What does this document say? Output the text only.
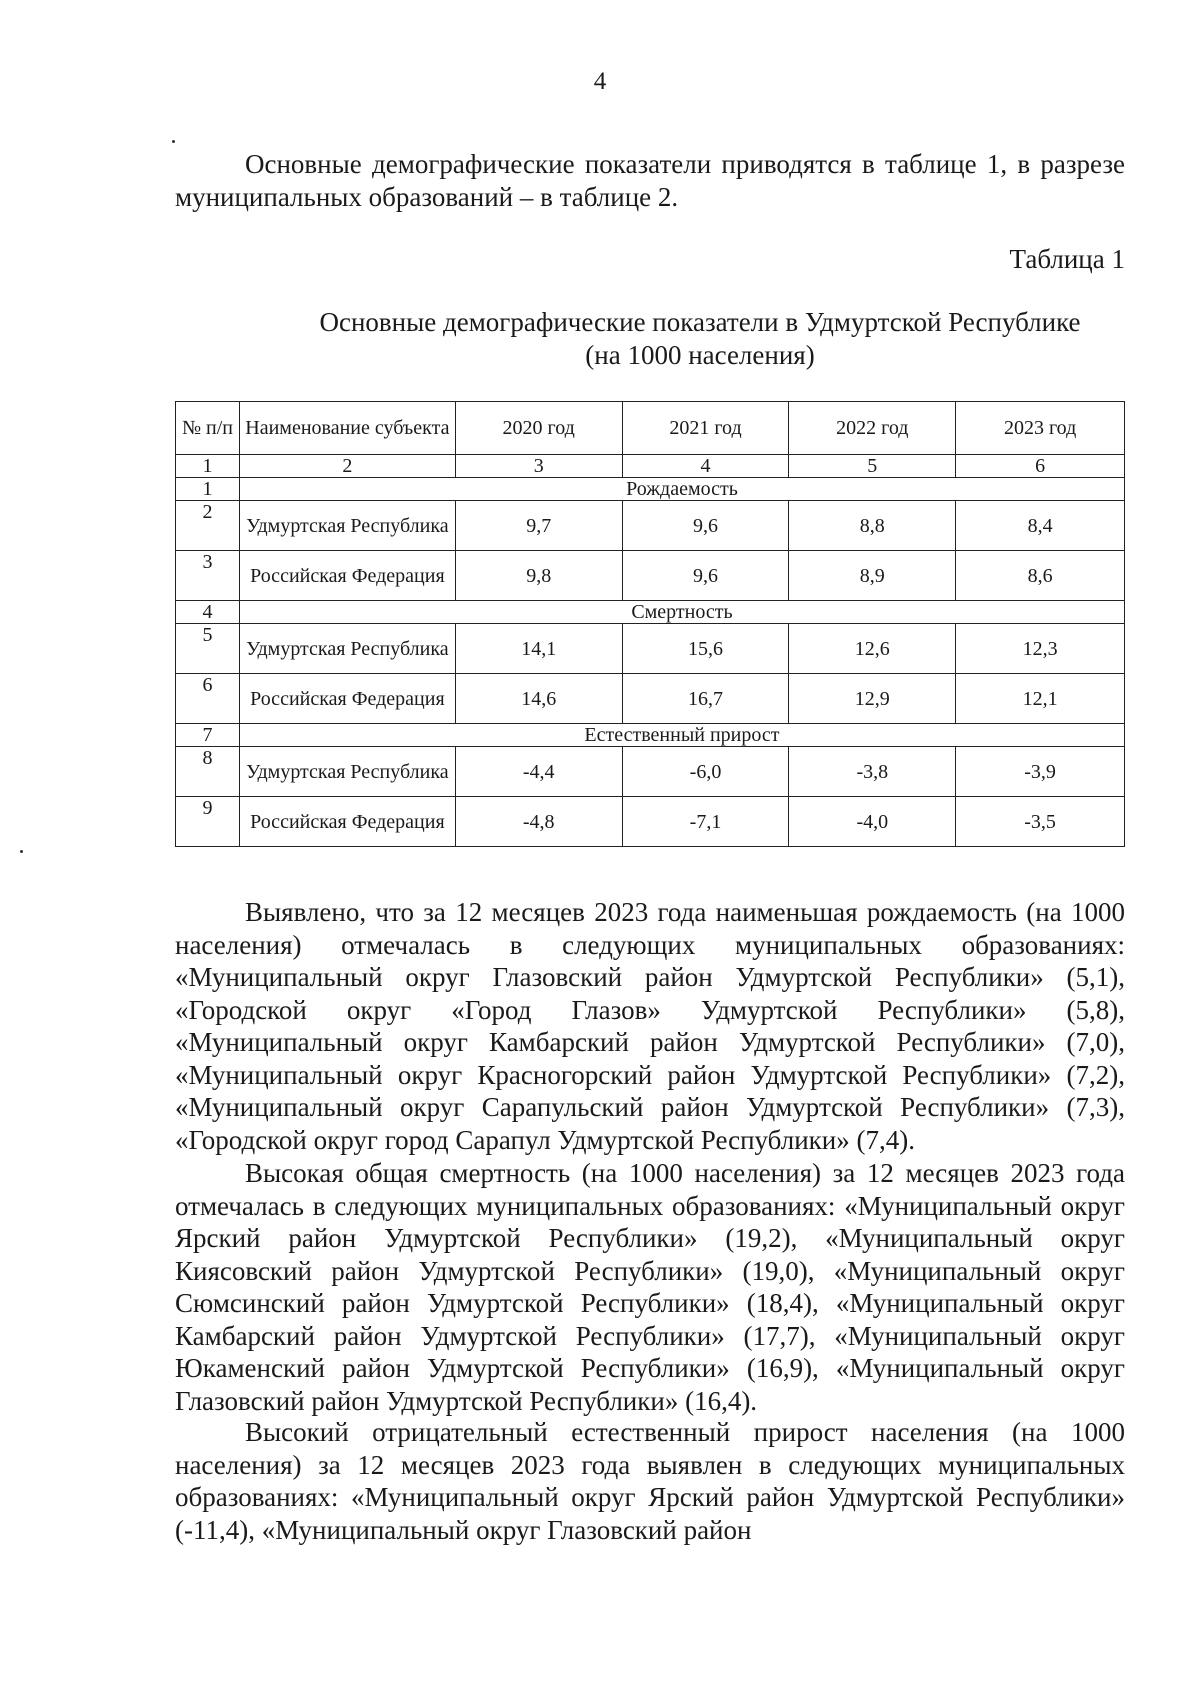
4

Основные демографические показатели приводятся в таблице 1, в разрезе муниципальных образований – в таблице 2.

Таблица 1
Основные демографические показатели в Удмуртской Республике
(на 1000 населения)
№ п/п	Наименование субъекта	2020 год	2021 год	2022 год	2023 год
1	2	3	4	5	6
1	Рождаемость				
2	Удмуртская Республика	9,7	9,6	8,8	8,4
3	Российская Федерация	9,8	9,6	8,9	8,6
4	Смертность				
5	Удмуртская Республика	14,1	15,6	12,6	12,3
6	Российская Федерация	14,6	16,7	12,9	12,1
7	Естественный прирост				
8	Удмуртская Республика	-4,4	-6,0	-3,8	-3,9
9	Российская Федерация	-4,8	-7,1	-4,0	-3,5

Выявлено, что за 12 месяцев 2023 года наименьшая рождаемость (на 1000 населения) отмечалась в следующих муниципальных образованиях: «Муниципальный округ Глазовский район Удмуртской Республики» (5,1), «Городской округ «Город Глазов» Удмуртской Республики» (5,8), «Муниципальный округ Камбарский район Удмуртской Республики» (7,0), «Муниципальный округ Красногорский район Удмуртской Республики» (7,2), «Муниципальный округ Сарапульский район Удмуртской Республики» (7,3), «Городской округ город Сарапул Удмуртской Республики» (7,4).

Высокая общая смертность (на 1000 населения) за 12 месяцев 2023 года отмечалась в следующих муниципальных образованиях: «Муниципальный округ Ярский район Удмуртской Республики» (19,2), «Муниципальный округ Киясовский район Удмуртской Республики» (19,0), «Муниципальный округ Сюмсинский район Удмуртской Республики» (18,4), «Муниципальный округ Камбарский район Удмуртской Республики» (17,7), «Муниципальный округ Юкаменский район Удмуртской Республики» (16,9), «Муниципальный округ Глазовский район Удмуртской Республики» (16,4).

Высокий отрицательный естественный прирост населения (на 1000 населения) за 12 месяцев 2023 года выявлен в следующих муниципальных образованиях: «Муниципальный округ Ярский район Удмуртской Республики» (-11,4), «Муниципальный округ Глазовский район
